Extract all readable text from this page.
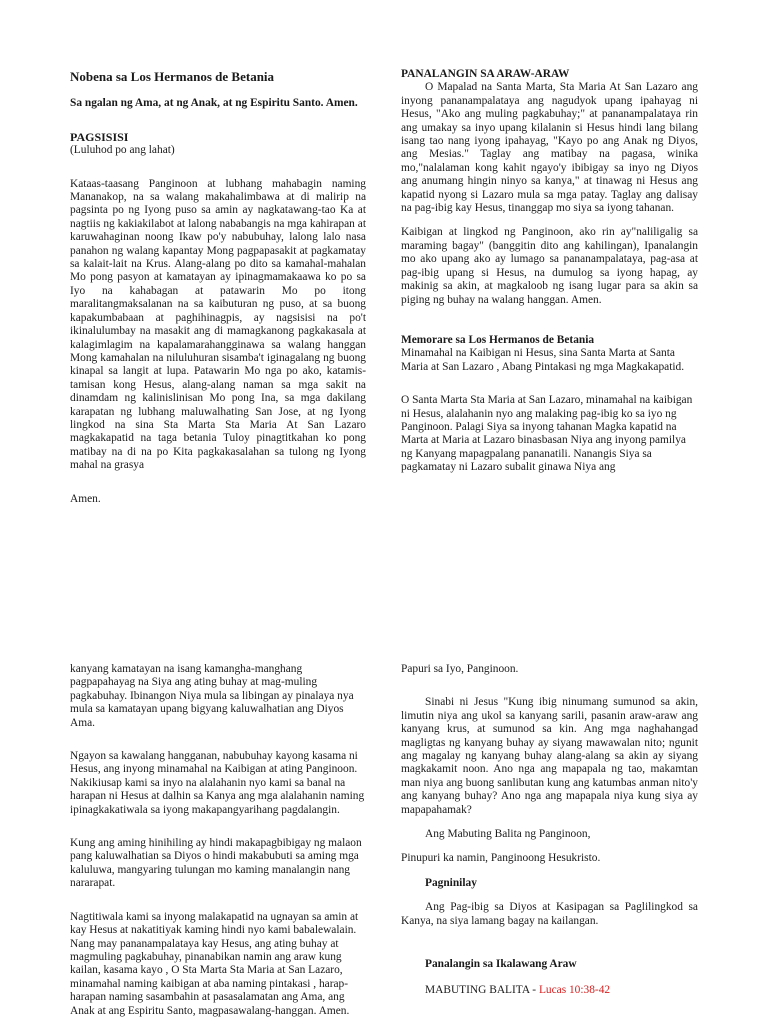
Nobena sa Los Hermanos de Betania

Sa ngalan ng Ama, at ng Anak, at ng Espiritu Santo. Amen.

PAGSISISI

(Luluhod po ang lahat)

Kataas-taasang Panginoon at lubhang mahabagin naming Mananakop, na sa walang makahalimbawa at di malirip na pagsinta po ng Iyong puso sa amin ay nagkatawang-tao Ka at nagtiis ng kakiakilabot at lalong nababangis na mga kahirapan at karuwahaginan noong Ikaw po'y nabubuhay, lalong lalo nasa panahon ng walang kapantay Mong pagpapasakit at pagkamatay sa kalait-lait na Krus. Alang-alang po dito sa kamahal-mahalan Mo pong pasyon at kamatayan ay ipinagmamakaawa ko po sa Iyo na kahabagan at patawarin Mo po itong maralitangmaksalanan na sa kaibuturan ng puso, at sa buong kapakumbabaan at paghihinagpis, ay nagsisisi na po't ikinalulumbay na masakit ang di mamagkanong pagkakasala at kalagimlagim na kapalamarahangginawa sa walang hanggan Mong kamahalan na niluluhuran sisamba't iginagalang ng buong kinapal sa langit at lupa. Patawarin Mo nga po ako, katamis-tamisan kong Hesus, alang-alang naman sa mga sakit na dinamdam ng kalinislinisan Mo pong Ina, sa mga dakilang karapatan ng lubhang maluwalhating San Jose, at ng Iyong lingkod na sina Sta Marta Sta Maria At San Lazaro magkakapatid na taga betania Tuloy pinagtitkahan ko pong matibay na di na po Kita pagkakasalahan sa tulong ng Iyong mahal na grasya

Amen.

PANALANGIN SA ARAW-ARAW

O Mapalad na Santa Marta, Sta Maria At San Lazaro ang inyong pananampalataya ang nagudyok upang ipahayag ni Hesus, "Ako ang muling pagkabuhay;" at pananampalataya rin ang umakay sa inyo upang kilalanin si Hesus hindi lang bilang isang tao nang iyong ipahayag, "Kayo po ang Anak ng Diyos, ang Mesias." Taglay ang matibay na pagasa, winika mo,"nalalaman kong kahit ngayo'y ibibigay sa inyo ng Diyos ang anumang hingin ninyo sa kanya," at tinawag ni Hesus ang kapatid nyong si Lazaro mula sa mga patay. Taglay ang dalisay na pag-ibig kay Hesus, tinanggap mo siya sa iyong tahanan.

Kaibigan at lingkod ng Panginoon, ako rin ay"naliligalig sa maraming bagay" (banggitin dito ang kahilingan), Ipanalangin mo ako upang ako ay lumago sa pananampalataya, pag-asa at pag-ibig upang si Hesus, na dumulog sa iyong hapag, ay makinig sa akin, at magkaloob ng isang lugar para sa akin sa piging ng buhay na walang hanggan. Amen.

Memorare sa Los Hermanos de Betania

Minamahal na Kaibigan ni Hesus, sina Santa Marta at Santa Maria at San Lazaro , Abang Pintakasi ng mga Magkakapatid.

O Santa Marta Sta Maria at San Lazaro, minamahal na kaibigan ni Hesus, alalahanin nyo ang malaking pag-ibig ko sa iyo ng Panginoon. Palagi Siya sa inyong tahanan Magka kapatid na Marta at Maria at Lazaro binasbasan Niya ang inyong pamilya ng Kanyang mapagpalang pananatili. Nanangis Siya sa pagkamatay ni Lazaro subalit ginawa Niya ang

kanyang kamatayan na isang kamangha-manghang pagpapahayag na Siya ang ating buhay at mag-muling pagkabuhay. Ibinangon Niya mula sa libingan ay pinalaya nya mula sa kamatayan upang bigyang kaluwalhatian ang Diyos Ama.

Ngayon sa kawalang hangganan, nabubuhay kayong kasama ni Hesus, ang inyong minamahal na Kaibigan at ating Panginoon. Nakikiusap kami sa inyo na alalahanin nyo kami sa banal na harapan ni Hesus at dalhin sa Kanya ang mga alalahanin naming ipinagkakatiwala sa iyong makapangyarihang pagdalangin.

Kung ang aming hinihiling ay hindi makapagbibigay ng malaon pang kaluwalhatian sa Diyos o hindi makabubuti sa aming mga kaluluwa, mangyaring tulungan mo kaming manalangin nang nararapat.

Nagtitiwala kami sa inyong malakapatid na ugnayan sa amin at kay Hesus at nakatitiyak kaming hindi nyo kami babalewalain. Nang may pananampalataya kay Hesus, ang ating buhay at magmuling pagkabuhay, pinanabikan namin ang araw kung kailan, kasama kayo , O Sta Marta Sta Maria at San Lazaro, minamahal naming kaibigan at aba naming pintakasi , harap-harapan naming sasambahin at pasasalamatan ang Ama, ang Anak at ang Espiritu Santo, magpasawalang-hanggan. Amen.

Papuri sa Iyo, Panginoon.

Sinabi ni Jesus "Kung ibig ninumang sumunod sa akin, limutin niya ang ukol sa kanyang sarili, pasanin araw-araw ang kanyang krus, at sumunod sa kin. Ang mga naghahangad magligtas ng kanyang buhay ay siyang mawawalan nito; ngunit ang magalay ng kanyang buhay alang-alang sa akin ay siyang magkakamit noon. Ano nga ang mapapala ng tao, makamtan man niya ang buong sanlibutan kung ang katumbas anman nito'y ang kanyang buhay? Ano nga ang mapapala niya kung siya ay mapapahamak?

Ang Mabuting Balita ng Panginoon,

Pinupuri ka namin, Panginoong Hesukristo.

Pagninilay

Ang Pag-ibig sa Diyos at Kasipagan sa Paglilingkod sa Kanya, na siya lamang bagay na kailangan.

Panalangin sa Ikalawang Araw

MABUTING BALITA - Lucas 10:38-42
